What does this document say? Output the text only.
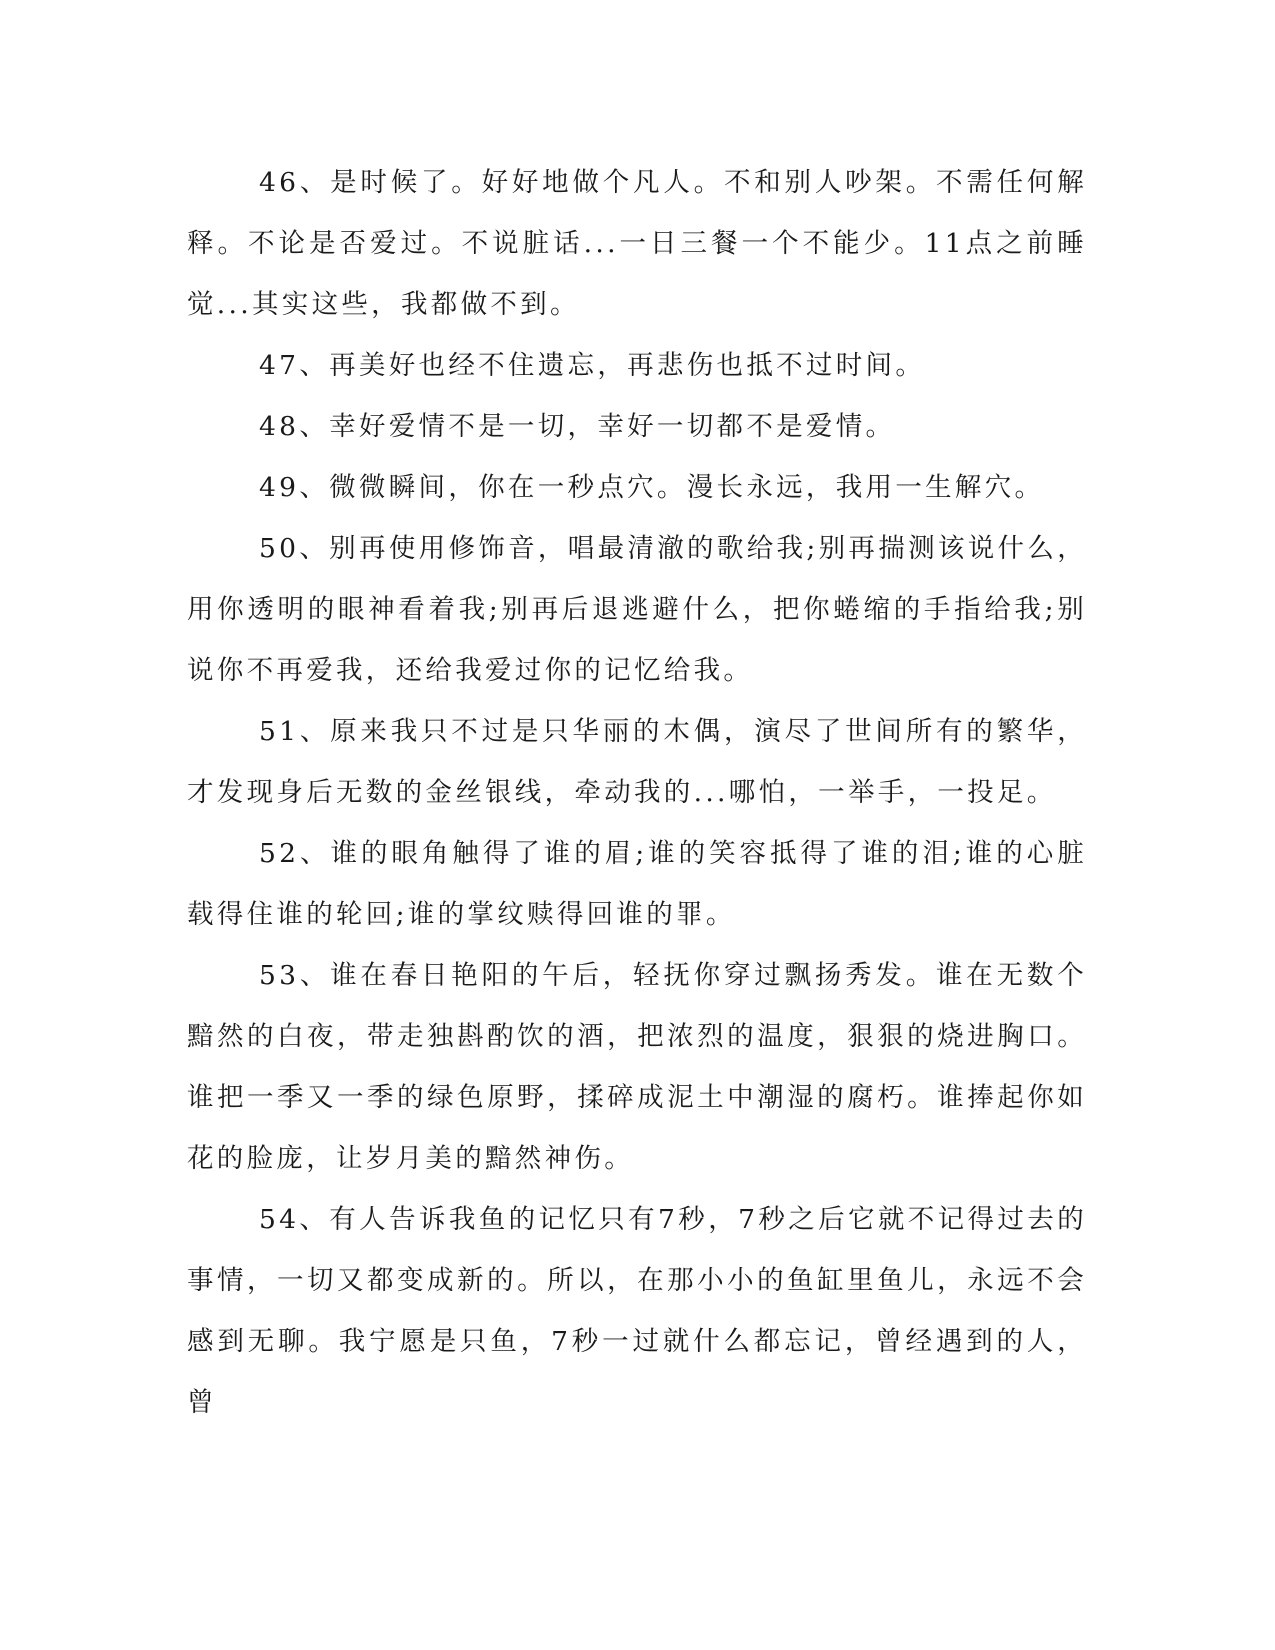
46、是时候了。好好地做个凡人。不和别人吵架。不需任何解释。不论是否爱过。不说脏话...一日三餐一个不能少。11点之前睡觉...其实这些，我都做不到。

47、再美好也经不住遗忘，再悲伤也抵不过时间。

48、幸好爱情不是一切，幸好一切都不是爱情。

49、微微瞬间，你在一秒点穴。漫长永远，我用一生解穴。

50、别再使用修饰音，唱最清澈的歌给我;别再揣测该说什么，用你透明的眼神看着我;别再后退逃避什么，把你蜷缩的手指给我;别说你不再爱我，还给我爱过你的记忆给我。

51、原来我只不过是只华丽的木偶，演尽了世间所有的繁华，才发现身后无数的金丝银线，牵动我的...哪怕，一举手，一投足。

52、谁的眼角触得了谁的眉;谁的笑容抵得了谁的泪;谁的心脏载得住谁的轮回;谁的掌纹赎得回谁的罪。

53、谁在春日艳阳的午后，轻抚你穿过飘扬秀发。谁在无数个黯然的白夜，带走独斟酌饮的酒，把浓烈的温度，狠狠的烧进胸口。谁把一季又一季的绿色原野，揉碎成泥土中潮湿的腐朽。谁捧起你如花的脸庞，让岁月美的黯然神伤。

54、有人告诉我鱼的记忆只有7秒，7秒之后它就不记得过去的事情，一切又都变成新的。所以，在那小小的鱼缸里鱼儿，永远不会感到无聊。我宁愿是只鱼，7秒一过就什么都忘记，曾经遇到的人，曾
